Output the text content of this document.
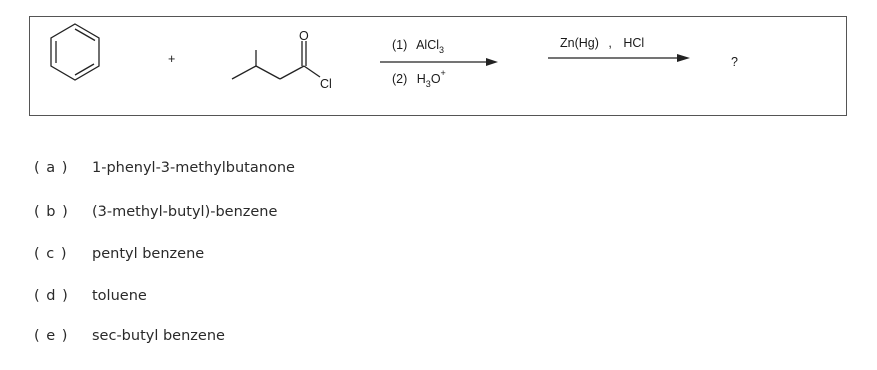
+
O
Cl
(1) AlCl$_3$
(2) $H_3O^+$
Zn(Hg) , HCl
?
( a )	1-phenyl-3-methylbutanone
( b )	(3-methyl-butyl)-benzene
( c )	pentyl benzene
( d )	toluene
( e )	sec-butyl benzene
